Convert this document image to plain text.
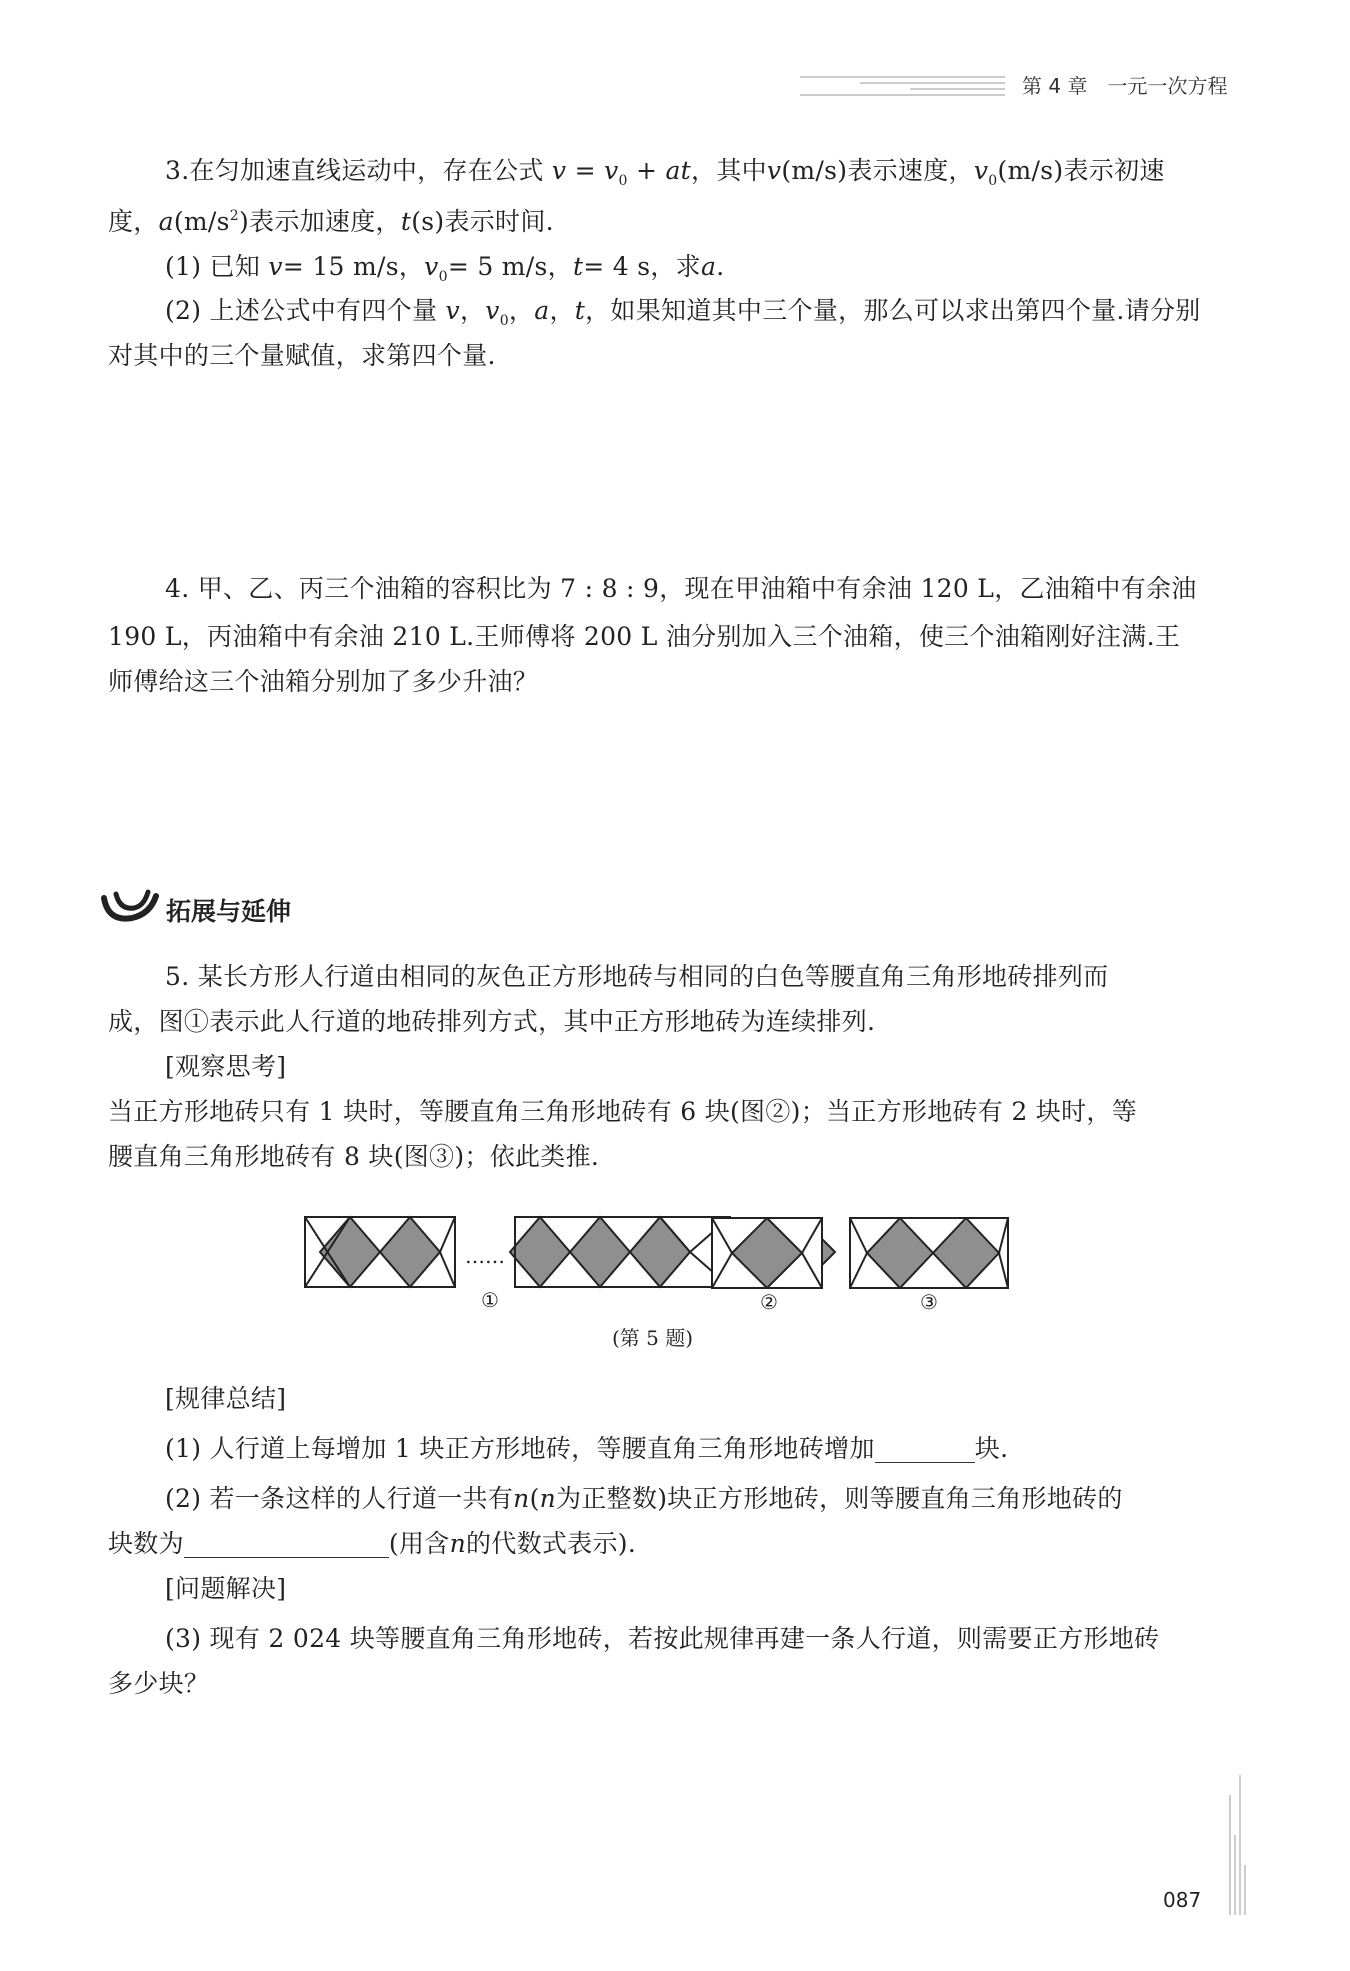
第 4 章　一元一次方程
3.在匀加速直线运动中，存在公式 $v = v_0$ + at，其中v(m/s)表示速度，$v_0(m/s)$表示初速
度，$a(m/s^2)$表示加速度，t(s)表示时间.
(1) 已知 v= 15 m/s，$v_0= 5$ m/s，t= 4 s，求a.
(2) 上述公式中有四个量 v，$v_0$，a，t，如果知道其中三个量，那么可以求出第四个量.请分别
对其中的三个量赋值，求第四个量.
4. 甲、乙、丙三个油箱的容积比为 7 : 8 : 9，现在甲油箱中有余油 120 L，乙油箱中有余油
190 L，丙油箱中有余油 210 L.王师傅将 200 L 油分别加入三个油箱，使三个油箱刚好注满.王
师傅给这三个油箱分别加了多少升油？
拓展与延伸
5. 某长方形人行道由相同的灰色正方形地砖与相同的白色等腰直角三角形地砖排列而
成，图①表示此人行道的地砖排列方式，其中正方形地砖为连续排列.
[观察思考]
当正方形地砖只有 1 块时，等腰直角三角形地砖有 6 块(图②)；当正方形地砖有 2 块时，等
腰直角三角形地砖有 8 块(图③)；依此类推.
……
①	②	③
(第 5 题)
[规律总结]
(1) 人行道上每增加 1 块正方形地砖，等腰直角三角形地砖增加	块.
(2) 若一条这样的人行道一共有n(n为正整数)块正方形地砖，则等腰直角三角形地砖的
块数为	(用含n的代数式表示).
[问题解决]
(3) 现有 2 024 块等腰直角三角形地砖，若按此规律再建一条人行道，则需要正方形地砖
多少块？
087
